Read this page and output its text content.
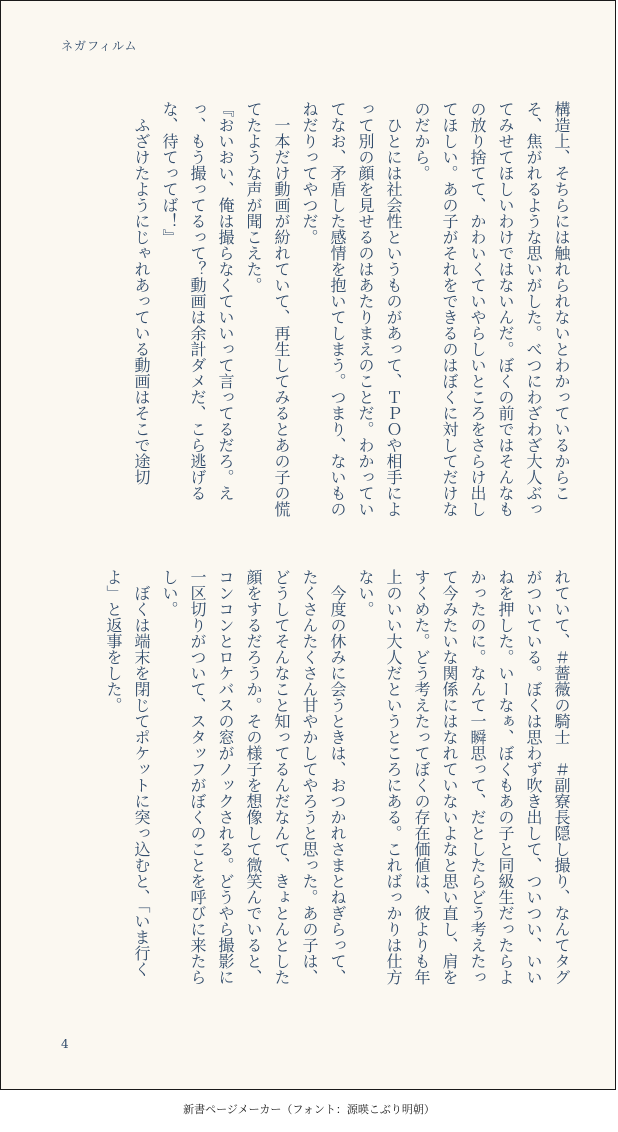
ネガフィルム

構造上、そちらには触れられないとわかっているからこそ、焦がれるような思いがした。べつにわざわざ大人ぶってみせてほしいわけではないんだ。ぼくの前ではそんなもの放り捨てて、かわいくていやらしいところをさらけ出してほしい。あの子がそれをできるのはぼくに対してだけなのだから。

ひとには社会性というものがあって、ＴＰＯや相手によって別の顔を見せるのはあたりまえのことだ。わかっていてなお、矛盾した感情を抱いてしまう。つまり、ないものねだりってやつだ。

一本だけ動画が紛れていて、再生してみるとあの子の慌てたような声が聞こえた。

『おいおい、俺は撮らなくていいって言ってるだろ。えっ、もう撮ってるって？動画は余計ダメだ、こら逃げるな、待てってば！』

ふざけたようにじゃれあっている動画はそこで途切

れていて、＃薔薇の騎士　＃副寮長隠し撮り、なんてタグがついている。ぼくは思わず吹き出して、ついつい、いいねを押した。いーなぁ、ぼくもあの子と同級生だったらよかったのに。なんて一瞬思って、だとしたらどう考えたって今みたいな関係にはなれていないよなと思い直し、肩をすくめた。どう考えたってぼくの存在価値は、彼よりも年上のいい大人だというところにある。こればっかりは仕方ない。

今度の休みに会うときは、おつかれさまとねぎらって、たくさんたくさん甘やかしてやろうと思った。あの子は、どうしてそんなこと知ってるんだなんて、きょとんとした顔をするだろうか。その様子を想像して微笑んでいると、コンコンとロケバスの窓がノックされる。どうやら撮影に一区切りがついて、スタッフがぼくのことを呼びに来たらしい。

ぼくは端末を閉じてポケットに突っ込むと、「いま行くよ」と返事をした。

4
新書ページメーカー（フォント：源暎こぶり明朝）
